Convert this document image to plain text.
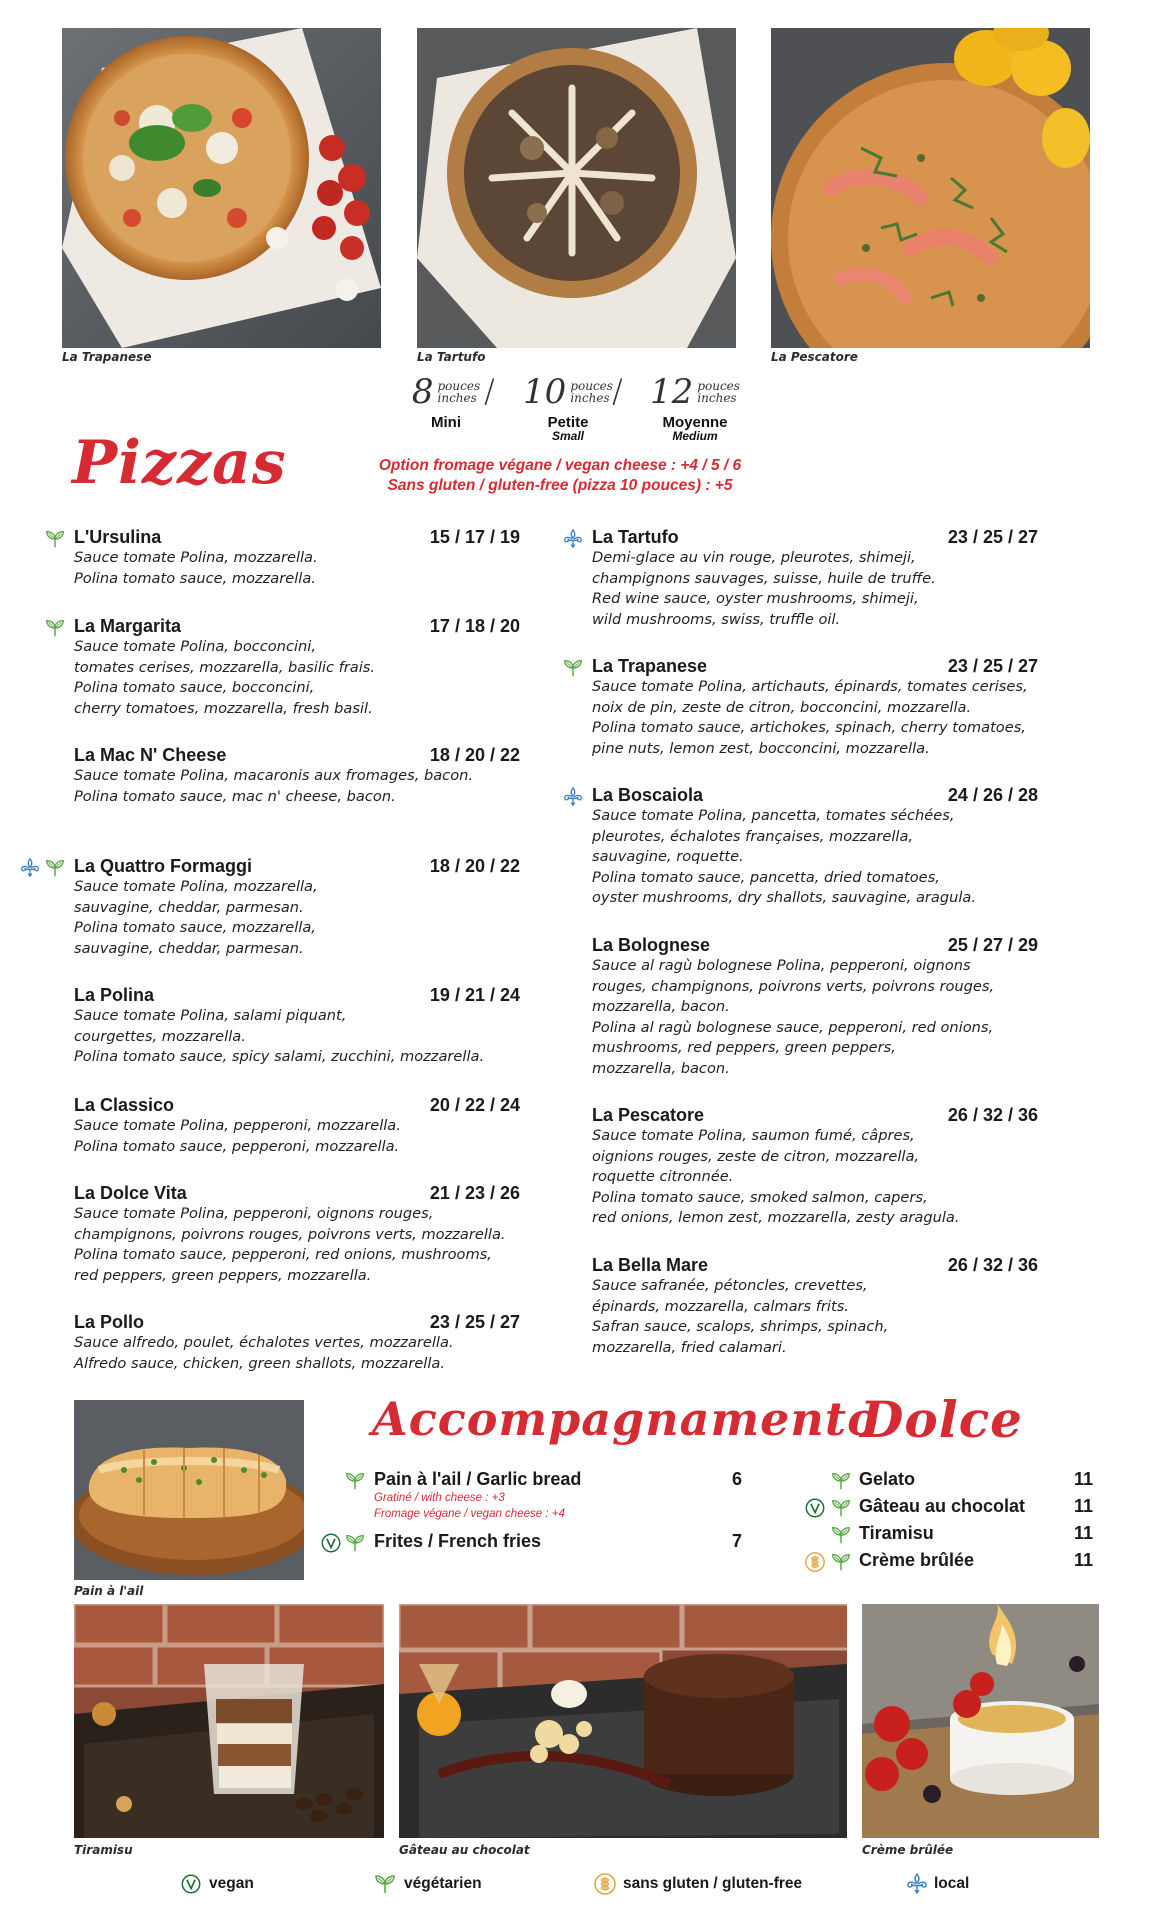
La Trapanese	La Tartufo	La Pescatore
8 pouces
inches
Mini
/ 10 pouces
inches
Petite
Small
/ 12 pouces
inches
Moyenne
Medium
Pizzas	Option fromage végane / vegan cheese : +4 / 5 / 6
Sans gluten / gluten-free (pizza 10 pouces) : +5
L'Ursulina	15 / 17 / 19
Sauce tomate Polina, mozzarella.
Polina tomato sauce, mozzarella.
La Margarita	17 / 18 / 20
Sauce tomate Polina, bocconcini,
tomates cerises, mozzarella, basilic frais.
Polina tomato sauce, bocconcini,
cherry tomatoes, mozzarella, fresh basil.
La Mac N' Cheese	18 / 20 / 22
Sauce tomate Polina, macaronis aux fromages, bacon.
Polina tomato sauce, mac n' cheese, bacon.
La Quattro Formaggi	18 / 20 / 22
Sauce tomate Polina, mozzarella,
sauvagine, cheddar, parmesan.
Polina tomato sauce, mozzarella,
sauvagine, cheddar, parmesan.
La Polina	19 / 21 / 24
Sauce tomate Polina, salami piquant,
courgettes, mozzarella.
Polina tomato sauce, spicy salami, zucchini, mozzarella.
La Classico	20 / 22 / 24
Sauce tomate Polina, pepperoni, mozzarella.
Polina tomato sauce, pepperoni, mozzarella.
La Dolce Vita	21 / 23 / 26
Sauce tomate Polina, pepperoni, oignons rouges,
champignons, poivrons rouges, poivrons verts, mozzarella.
Polina tomato sauce, pepperoni, red onions, mushrooms,
red peppers, green peppers, mozzarella.
La Pollo	23 / 25 / 27
Sauce alfredo, poulet, échalotes vertes, mozzarella.
Alfredo sauce, chicken, green shallots, mozzarella.
La Tartufo	23 / 25 / 27
Demi-glace au vin rouge, pleurotes, shimeji,
champignons sauvages, suisse, huile de truffe.
Red wine sauce, oyster mushrooms, shimeji,
wild mushrooms, swiss, truffle oil.
La Trapanese	23 / 25 / 27
Sauce tomate Polina, artichauts, épinards, tomates cerises,
noix de pin, zeste de citron, bocconcini, mozzarella.
Polina tomato sauce, artichokes, spinach, cherry tomatoes,
pine nuts, lemon zest, bocconcini, mozzarella.
La Boscaiola	24 / 26 / 28
Sauce tomate Polina, pancetta, tomates séchées,
pleurotes, échalotes françaises, mozzarella,
sauvagine, roquette.
Polina tomato sauce, pancetta, dried tomatoes,
oyster mushrooms, dry shallots, sauvagine, aragula.
La Bolognese	25 / 27 / 29
Sauce al ragù bolognese Polina, pepperoni, oignons
rouges, champignons, poivrons verts, poivrons rouges,
mozzarella, bacon.
Polina al ragù bolognese sauce, pepperoni, red onions,
mushrooms, red peppers, green peppers,
mozzarella, bacon.
La Pescatore	26 / 32 / 36
Sauce tomate Polina, saumon fumé, câpres,
oignions rouges, zeste de citron, mozzarella,
roquette citronnée.
Polina tomato sauce, smoked salmon, capers,
red onions, lemon zest, mozzarella, zesty aragula.
La Bella Mare	26 / 32 / 36
Sauce safranée, pétoncles, crevettes,
épinards, mozzarella, calmars frits.
Safran sauce, scalops, shrimps, spinach,
mozzarella, fried calamari.
Pain à l'ail
Accompagnamento
Pain à l'ail / Garlic bread	6
Gratiné / with cheese : +3
Fromage végane / vegan cheese : +4
Frites / French fries	7
Dolce
Gelato	11
Gâteau au chocolat	11
Tiramisu	11
Crème brûlée	11
Tiramisu	Gâteau au chocolat	Crème brûlée
vegan	végétarien	sans gluten / gluten-free	local
